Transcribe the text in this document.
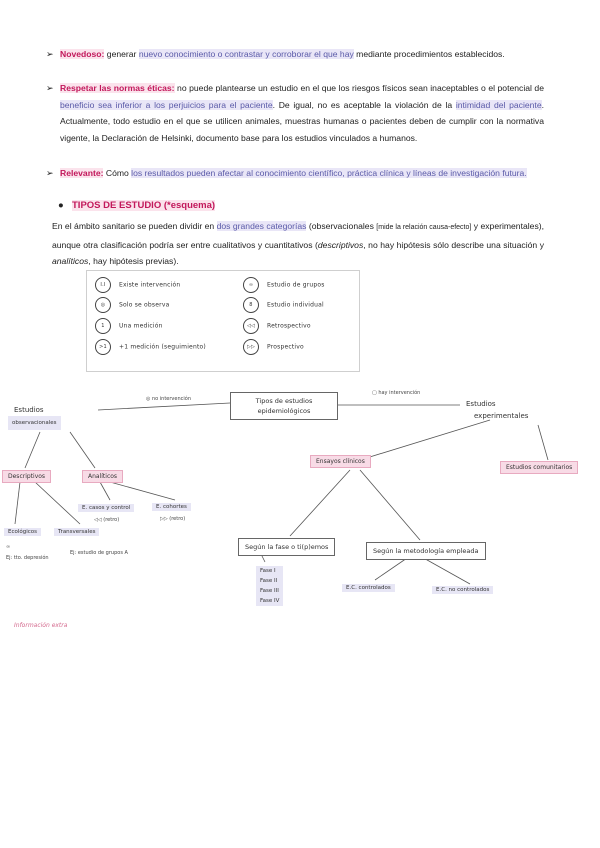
➢ Novedoso: generar nuevo conocimiento o contrastar y corroborar el que hay mediante procedimientos establecidos.
➢ Respetar las normas éticas: no puede plantearse un estudio en el que los riesgos físicos sean inaceptables o el potencial de beneficio sea inferior a los perjuicios para el paciente. De igual, no es aceptable la violación de la intimidad del paciente. Actualmente, todo estudio en el que se utilicen animales, muestras humanas o pacientes deben de cumplir con la normativa vigente, la Declaración de Helsinki, documento base para los estudios vinculados a humanos.
➢ Relevante: Cómo los resultados pueden afectar al conocimiento científico, práctica clínica y líneas de investigación futura.
● TIPOS DE ESTUDIO (*esquema)
En el ámbito sanitario se pueden dividir en dos grandes categorías (observacionales [mide la relación causa-efecto] y experimentales), aunque otra clasificación podría ser entre cualitativos y cuantitativos (descriptivos, no hay hipótesis sólo describe una situación y analíticos, hay hipótesis previas).
I.I Existe intervención
◎ Solo se observa
1 Una medición
>1 +1 medición (seguimiento)
∞ Estudio de grupos
8 Estudio individual
◁◁ Retrospectivo
▷▷ Prospectivo
Tipos de estudios
epidemiológicos
Estudios
observacionales
Estudios
experimentales
◎ no intervención
▢ hay intervención
Descriptivos	Analíticos
Ecológicos
∞
Ej: tto. depresión
Transversales
Ej: estudio de grupos A
E. casos y control
◁◁ (retro)
E. cohortes
▷▷ (retro)
Estudios comunitarios
Ensayos clínicos
Según la fase o ti(p)emos
Fase I
Fase II
Fase III
Fase IV
Según la metodología empleada
E.C. controlados	E.C. no controlados
Información extra
